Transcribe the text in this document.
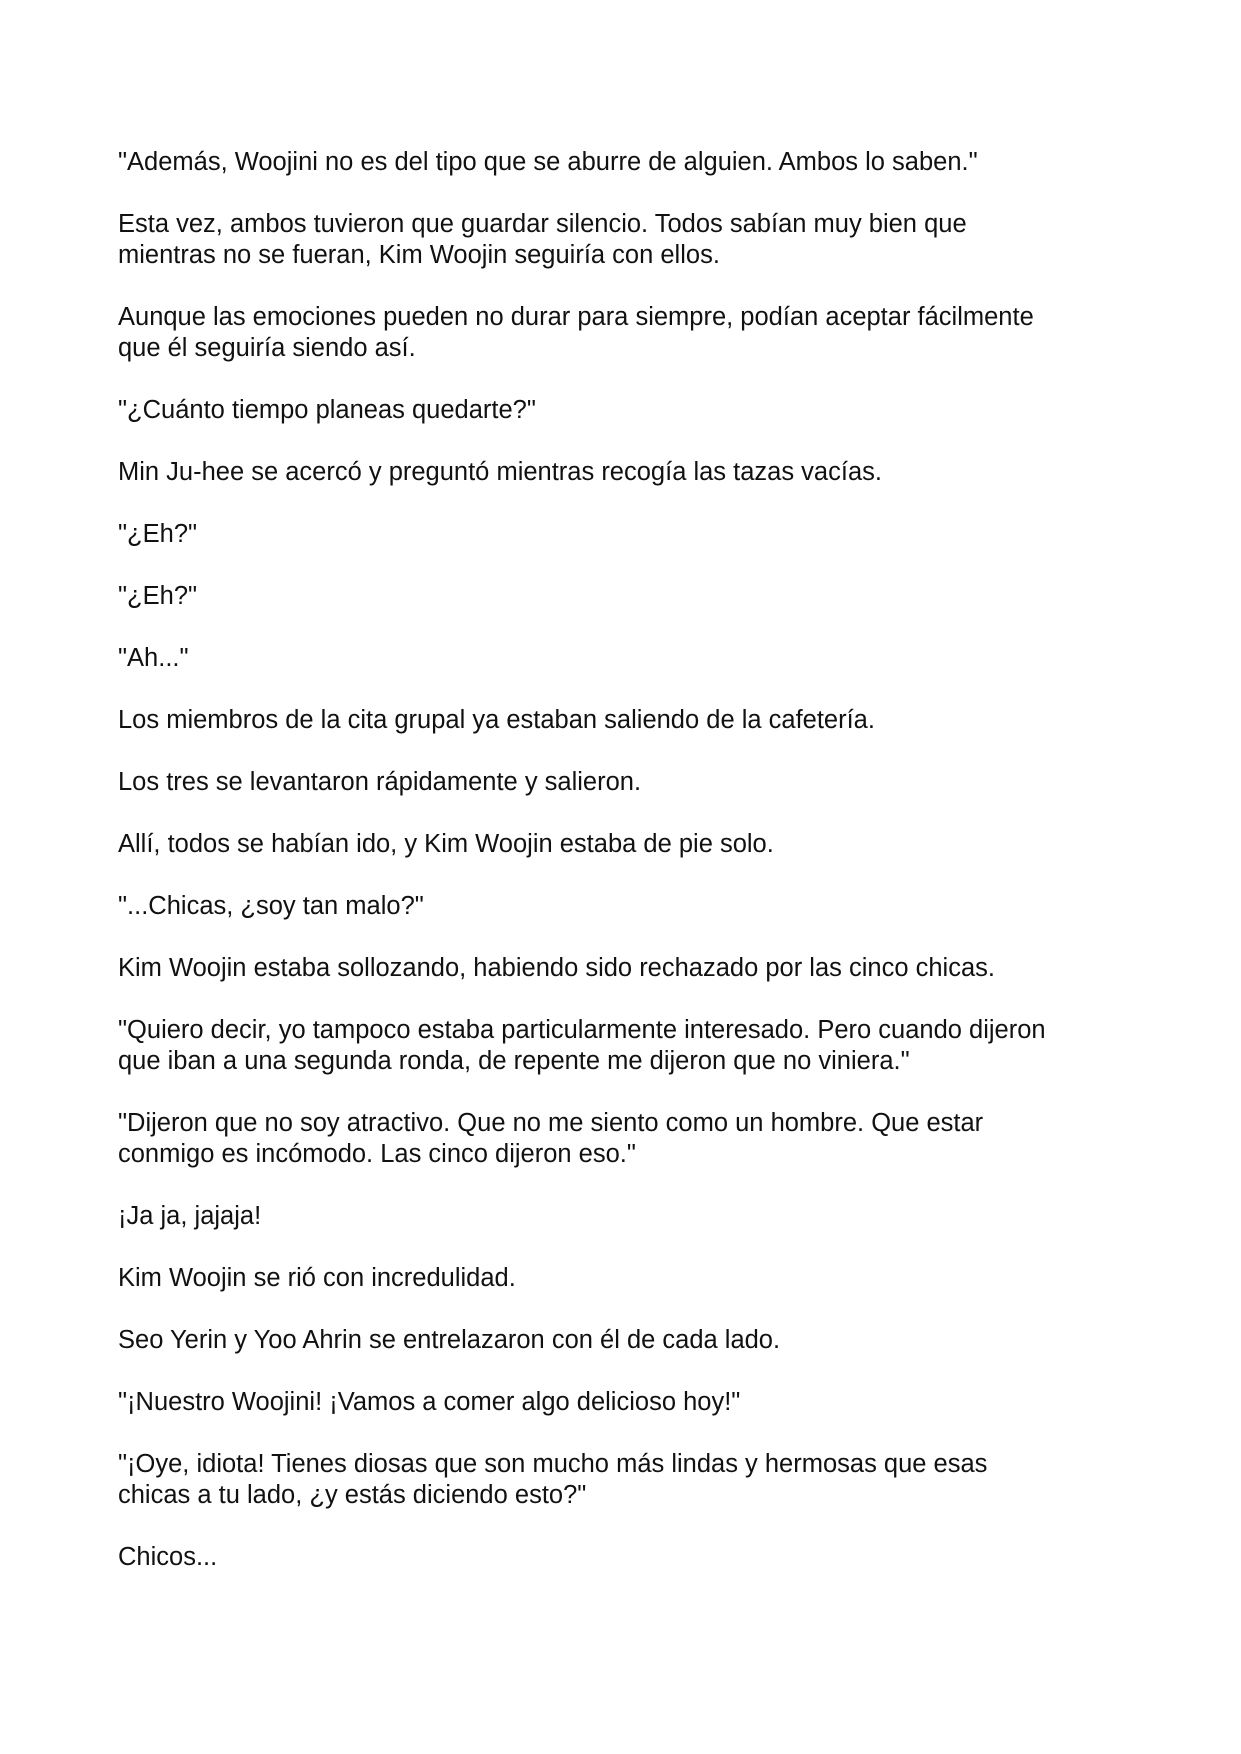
"Además, Woojini no es del tipo que se aburre de alguien. Ambos lo saben."

Esta vez, ambos tuvieron que guardar silencio. Todos sabían muy bien que
mientras no se fueran, Kim Woojin seguiría con ellos.

Aunque las emociones pueden no durar para siempre, podían aceptar fácilmente
que él seguiría siendo así.

"¿Cuánto tiempo planeas quedarte?"

Min Ju-hee se acercó y preguntó mientras recogía las tazas vacías.

"¿Eh?"

"¿Eh?"

"Ah..."

Los miembros de la cita grupal ya estaban saliendo de la cafetería.

Los tres se levantaron rápidamente y salieron.

Allí, todos se habían ido, y Kim Woojin estaba de pie solo.

"...Chicas, ¿soy tan malo?"

Kim Woojin estaba sollozando, habiendo sido rechazado por las cinco chicas.

"Quiero decir, yo tampoco estaba particularmente interesado. Pero cuando dijeron
que iban a una segunda ronda, de repente me dijeron que no viniera."

"Dijeron que no soy atractivo. Que no me siento como un hombre. Que estar
conmigo es incómodo. Las cinco dijeron eso."

¡Ja ja, jajaja!

Kim Woojin se rió con incredulidad.

Seo Yerin y Yoo Ahrin se entrelazaron con él de cada lado.

"¡Nuestro Woojini! ¡Vamos a comer algo delicioso hoy!"

"¡Oye, idiota! Tienes diosas que son mucho más lindas y hermosas que esas
chicas a tu lado, ¿y estás diciendo esto?"

Chicos...
